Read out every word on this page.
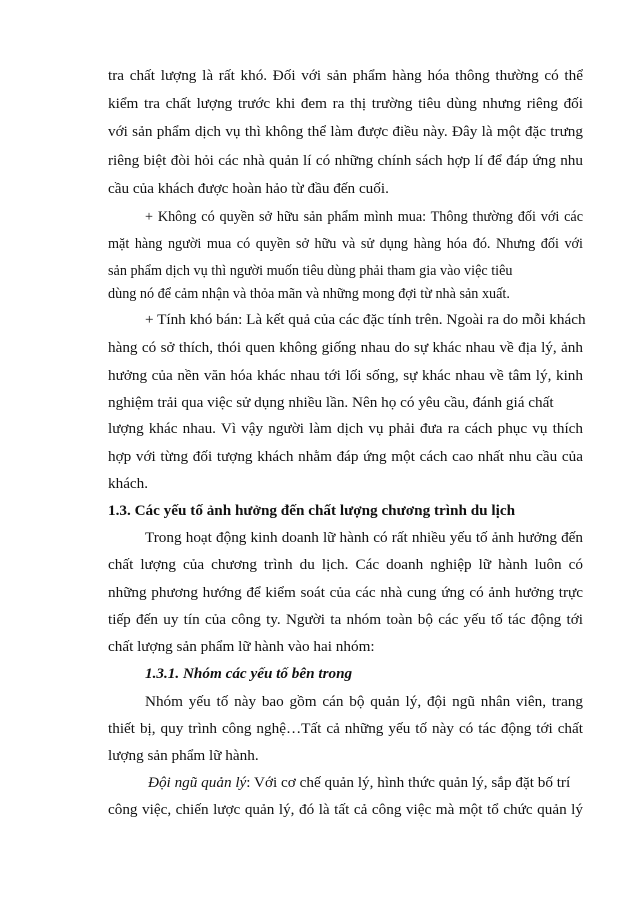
tra chất lượng là rất khó. Đối với sản phẩm hàng hóa thông thường có thể
kiểm tra chất lượng trước khi đem ra thị trường tiêu dùng nhưng riêng đối
với sản phẩm dịch vụ thì không thể làm được điều này. Đây là một đặc trưng
riêng biệt đòi hỏi các nhà quản lí có những chính sách hợp lí để đáp ứng nhu
cầu của khách được hoàn hảo từ đầu đến cuối.
+ Không có quyền sở hữu sản phẩm mình mua: Thông thường đối với các
mặt hàng người mua có quyền sở hữu và sử dụng hàng hóa đó. Nhưng đối với
sản phẩm dịch vụ thì người muốn tiêu dùng phải tham gia vào việc tiêu
dùng nó để cảm nhận và thỏa mãn và những mong đợi từ nhà sản xuất.
+ Tính khó bán: Là kết quả của các đặc tính trên. Ngoài ra do mỗi khách
hàng có sở thích, thói quen không giống nhau do sự khác nhau về địa lý, ảnh
hưởng của nền văn hóa khác nhau tới lối sống, sự khác nhau về tâm lý, kinh
nghiệm trải qua việc sử dụng nhiều lần. Nên họ có yêu cầu, đánh giá chất
lượng khác nhau. Vì vậy người làm dịch vụ phải đưa ra cách phục vụ thích
hợp với từng đối tượng khách nhằm đáp ứng một cách cao nhất nhu cầu của
khách.
1.3. Các yếu tố ảnh hưởng đến chất lượng chương trình du lịch
Trong hoạt động kinh doanh lữ hành có rất nhiều yếu tố ảnh hưởng đến
chất lượng của chương trình du lịch. Các doanh nghiệp lữ hành luôn có
những phương hướng để kiểm soát của các nhà cung ứng có ảnh hưởng trực
tiếp đến uy tín của công ty. Người ta nhóm toàn bộ các yếu tố tác động tới
chất lượng sản phẩm lữ hành vào hai nhóm:
1.3.1. Nhóm các yếu tố bên trong
Nhóm yếu tố này bao gồm cán bộ quản lý, đội ngũ nhân viên, trang
thiết bị, quy trình công nghệ…Tất cả những yếu tố này có tác động tới chất
lượng sản phẩm lữ hành.
Đội ngũ quản lý: Với cơ chế quản lý, hình thức quản lý, sắp đặt bố trí
công việc, chiến lược quản lý, đó là tất cả công việc mà một tổ chức quản lý
